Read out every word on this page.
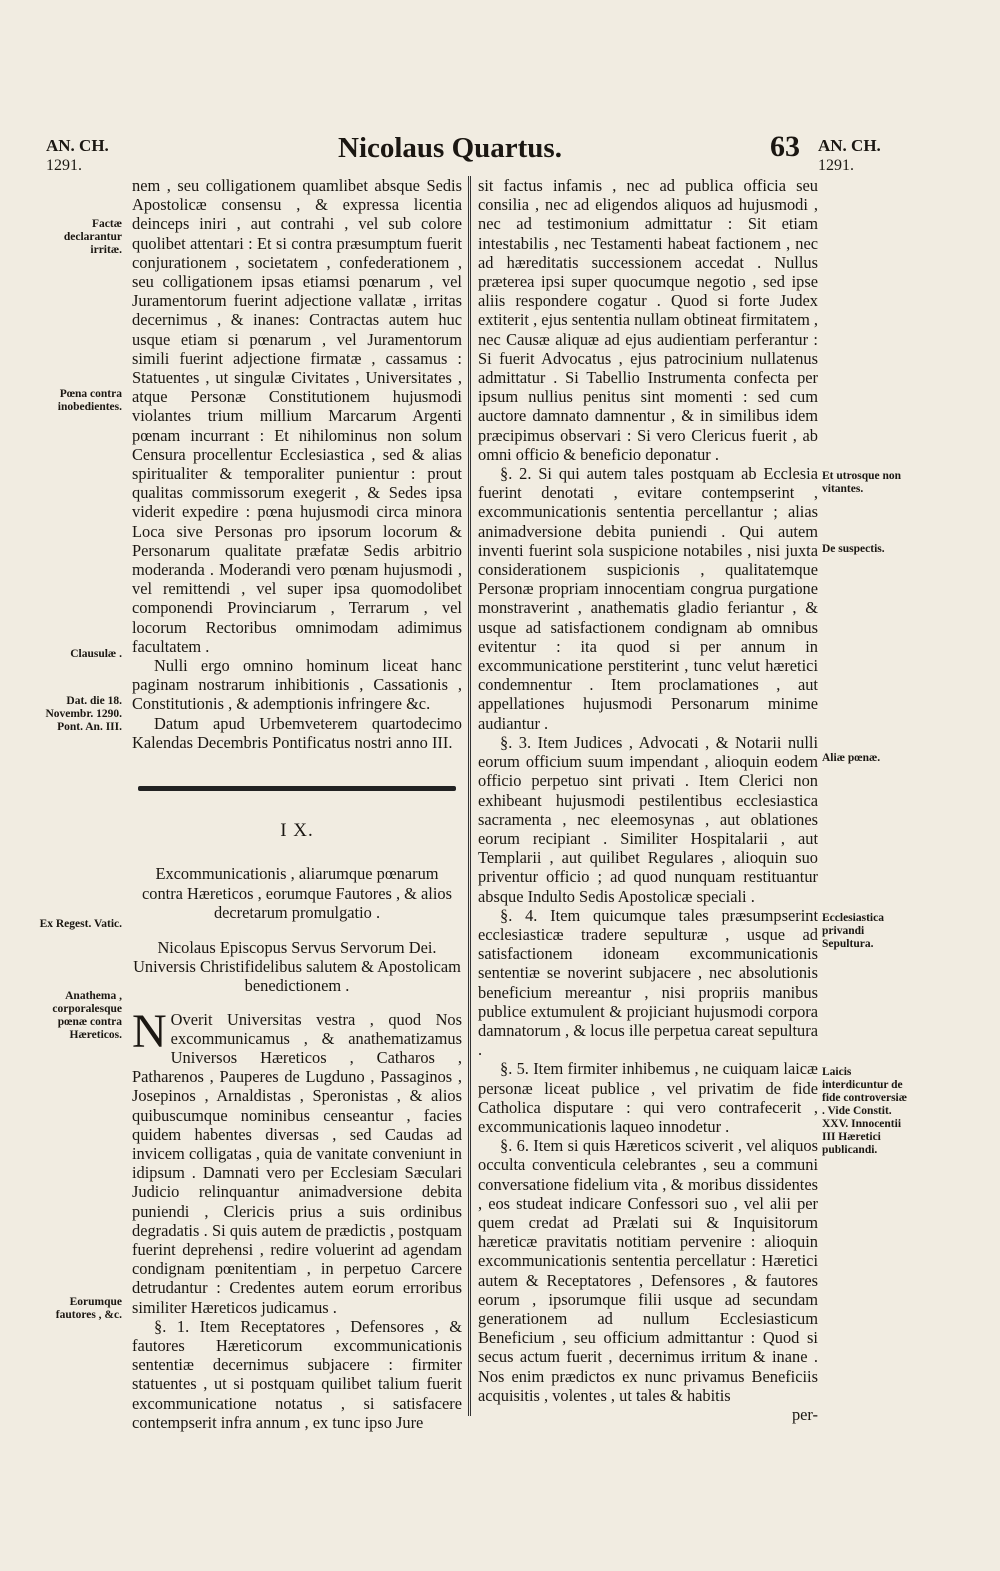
AN. CH.
1291.
Nicolaus Quartus.	63 AN. CH.
1291.
Factæ declarantur irritæ.
Pœna contra inobedientes.
Clausulæ .
Dat. die 18. Novembr. 1290. Pont. An. III.
Ex Regest. Vatic.
Anathema , corporalesque pœnæ contra Hæreticos.
Eorumque fautores , &c.
Et utrosque non vitantes.
De suspectis.
Aliæ pœnæ.
Ecclesiastica privandi Sepultura.
Laicis interdicuntur de fide controversiæ . Vide Constit. XXV. Innocentii III Hæretici publicandi.

nem , seu colligationem quamlibet absque Sedis Apostolicæ consensu , & expressa licentia deinceps iniri , aut contrahi , vel sub colore quolibet attentari : Et si contra præsumptum fuerit conjurationem , societatem , confederationem , seu colligationem ipsas etiamsi pœnarum , vel Juramentorum fuerint adjectione vallatæ , irritas decernimus , & inanes: Contractas autem huc usque etiam si pœnarum , vel Juramentorum simili fuerint adjectione firmatæ , cassamus : Statuentes , ut singulæ Civitates , Universitates , atque Personæ Constitutionem hujusmodi violantes trium millium Marcarum Argenti pœnam incurrant : Et nihilominus non solum Censura procellentur Ecclesiastica , sed & alias spiritualiter & temporaliter punientur : prout qualitas commissorum exegerit , & Sedes ipsa viderit expedire : pœna hujusmodi circa minora Loca sive Personas pro ipsorum locorum & Personarum qualitate præfatæ Sedis arbitrio moderanda . Moderandi vero pœnam hujusmodi , vel remittendi , vel super ipsa quomodolibet componendi Provinciarum , Terrarum , vel locorum Rectoribus omnimodam adimimus facultatem .

Nulli ergo omnino hominum liceat hanc paginam nostrarum inhibitionis , Cassationis , Constitutionis , & ademptionis infringere &c.

Datum apud Urbemveterem quartodecimo Kalendas Decembris Pontificatus nostri anno III.

I X.
Excommunicationis , aliarumque pœnarum contra Hæreticos , eorumque Fautores , & alios decretarum promulgatio .
Nicolaus Episcopus Servus Servorum Dei. Universis Christifidelibus salutem & Apostolicam benedictionem .

N Overit Universitas vestra , quod Nos excommunicamus , & anathematizamus Universos Hæreticos , Catharos , Patharenos , Pauperes de Lugduno , Passaginos , Josepinos , Arnaldistas , Speronistas , & alios quibuscumque nominibus censeantur , facies quidem habentes diversas , sed Caudas ad invicem colligatas , quia de vanitate conveniunt in idipsum . Damnati vero per Ecclesiam Sæculari Judicio relinquantur animadversione debita puniendi , Clericis prius a suis ordinibus degradatis . Si quis autem de prædictis , postquam fuerint deprehensi , redire voluerint ad agendam condignam pœnitentiam , in perpetuo Carcere detrudantur : Credentes autem eorum erroribus similiter Hæreticos judicamus .

§. 1. Item Receptatores , Defensores , & fautores Hæreticorum excommunicationis sententiæ decernimus subjacere : firmiter statuentes , ut si postquam quilibet talium fuerit excommunicatione notatus , si satisfacere contempserit infra annum , ex tunc ipso Jure

sit factus infamis , nec ad publica officia seu consilia , nec ad eligendos aliquos ad hujusmodi , nec ad testimonium admittatur : Sit etiam intestabilis , nec Testamenti habeat factionem , nec ad hæreditatis successionem accedat . Nullus præterea ipsi super quocumque negotio , sed ipse aliis respondere cogatur . Quod si forte Judex extiterit , ejus sententia nullam obtineat firmitatem , nec Causæ aliquæ ad ejus audientiam perferantur : Si fuerit Advocatus , ejus patrocinium nullatenus admittatur . Si Tabellio Instrumenta confecta per ipsum nullius penitus sint momenti : sed cum auctore damnato damnentur , & in similibus idem præcipimus observari : Si vero Clericus fuerit , ab omni officio & beneficio deponatur .

§. 2. Si qui autem tales postquam ab Ecclesia fuerint denotati , evitare contempserint , excommunicationis sententia percellantur ; alias animadversione debita puniendi . Qui autem inventi fuerint sola suspicione notabiles , nisi juxta considerationem suspicionis , qualitatemque Personæ propriam innocentiam congrua purgatione monstraverint , anathematis gladio feriantur , & usque ad satisfactionem condignam ab omnibus evitentur : ita quod si per annum in excommunicatione perstiterint , tunc velut hæretici condemnentur . Item proclamationes , aut appellationes hujusmodi Personarum minime audiantur .

§. 3. Item Judices , Advocati , & Notarii nulli eorum officium suum impendant , alioquin eodem officio perpetuo sint privati . Item Clerici non exhibeant hujusmodi pestilentibus ecclesiastica sacramenta , nec eleemosynas , aut oblationes eorum recipiant . Similiter Hospitalarii , aut Templarii , aut quilibet Regulares , alioquin suo priventur officio ; ad quod nunquam restituantur absque Indulto Sedis Apostolicæ speciali .

§. 4. Item quicumque tales præsumpserint ecclesiasticæ tradere sepulturæ , usque ad satisfactionem idoneam excommunicationis sententiæ se noverint subjacere , nec absolutionis beneficium mereantur , nisi propriis manibus publice extumulent & projiciant hujusmodi corpora damnatorum , & locus ille perpetua careat sepultura .

§. 5. Item firmiter inhibemus , ne cuiquam laicæ personæ liceat publice , vel privatim de fide Catholica disputare : qui vero contrafecerit , excommunicationis laqueo innodetur .

§. 6. Item si quis Hæreticos sciverit , vel aliquos occulta conventicula celebrantes , seu a communi conversatione fidelium vita , & moribus dissidentes , eos studeat indicare Confessori suo , vel alii per quem credat ad Prælati sui & Inquisitorum hæreticæ pravitatis notitiam pervenire : alioquin excommunicationis sententia percellatur : Hæretici autem & Receptatores , Defensores , & fautores eorum , ipsorumque filii usque ad secundam generationem ad nullum Ecclesiasticum Beneficium , seu officium admittantur : Quod si secus actum fuerit , decernimus irritum & inane . Nos enim prædictos ex nunc privamus Beneficiis acquisitis , volentes , ut tales & habitis

per-
